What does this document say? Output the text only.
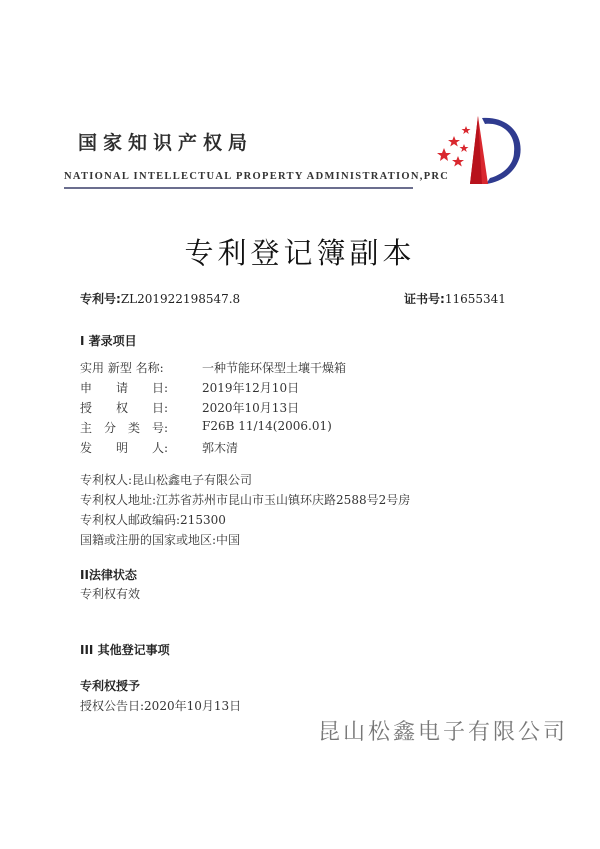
国家知识产权局
NATIONAL INTELLECTUAL PROPERTY ADMINISTRATION,PRC
专利登记簿副本
专利号:ZL201922198547.8	证书号:11655341
I 著录项目
实用 新型 名称:	一种节能环保型土壤干燥箱
申　　请　　日:	2019年12月10日
授　　权　　日:	2020年10月13日
主　分　类　号:	F26B 11/14(2006.01)
发　　明　　人:	郭木清
专利权人:昆山松鑫电子有限公司
专利权人地址:江苏省苏州市昆山市玉山镇环庆路2588号2号房
专利权人邮政编码:215300
国籍或注册的国家或地区:中国
II法律状态
专利权有效
III 其他登记事项
专利权授予
授权公告日:2020年10月13日
昆山松鑫电子有限公司
